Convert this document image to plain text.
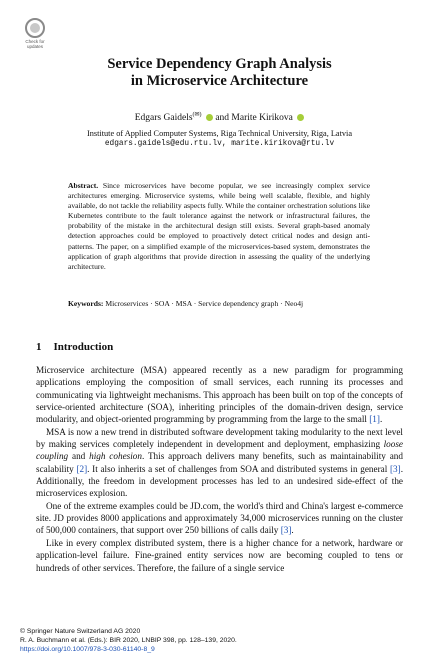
Check for
updates
Service Dependency Graph Analysis
in Microservice Architecture
Edgars Gaidels(✉) and Marite Kirikova
Institute of Applied Computer Systems, Riga Technical University, Riga, Latvia
edgars.gaidels@edu.rtu.lv, marite.kirikova@rtu.lv
Abstract. Since microservices have become popular, we see increasingly complex service architectures emerging. Microservice systems, while being well scalable, flexible, and highly available, do not tackle the reliability aspects fully. While the container orchestration solutions like Kubernetes contribute to the fault tolerance against the network or infrastructural failures, the probability of the mistake in the architectural design still exists. Several graph-based anomaly detection approaches could be employed to proactively detect critical nodes and design anti-patterns. The paper, on a simplified example of the microservices-based system, demonstrates the application of graph algorithms that provide direction in assessing the quality of the underlying architecture.
Keywords: Microservices · SOA · MSA · Service dependency graph · Neo4j
1 Introduction

Microservice architecture (MSA) appeared recently as a new paradigm for programming applications employing the composition of small services, each running its processes and communicating via lightweight mechanisms. This approach has been built on top of the concepts of service-oriented architecture (SOA), inheriting principles of the domain-driven design, service modularity, and object-oriented programming by programming from the large to the small [1].

MSA is now a new trend in distributed software development taking modularity to the next level by making services completely independent in development and deployment, emphasizing loose coupling and high cohesion. This approach delivers many benefits, such as maintainability and scalability [2]. It also inherits a set of challenges from SOA and distributed systems in general [3]. Additionally, the freedom in development processes has led to an undesired side-effect of the microservices explosion.

One of the extreme examples could be JD.com, the world's third and China's largest e-commerce site. JD provides 8000 applications and approximately 34,000 microservices running on the cluster of 500,000 containers, that support over 250 billions of calls daily [3].

Like in every complex distributed system, there is a higher chance for a network, hardware or application-level failure. Fine-grained entity services now are becoming coupled to tens or hundreds of other services. Therefore, the failure of a single service

© Springer Nature Switzerland AG 2020
R. A. Buchmann et al. (Eds.): BIR 2020, LNBIP 398, pp. 128–139, 2020.
https://doi.org/10.1007/978-3-030-61140-8_9
